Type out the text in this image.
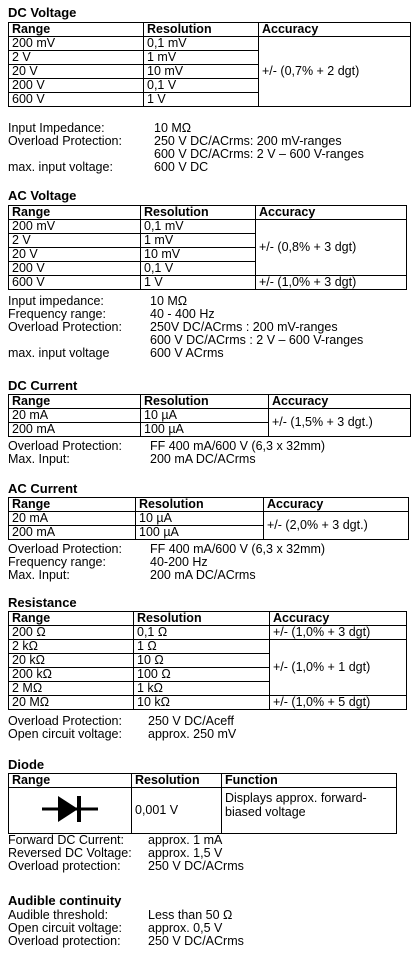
DC Voltage
Range	Resolution	Accuracy
200 mV	0,1 mV	+/- (0,7% + 2 dgt)
2 V	1 mV	
20 V	10 mV	
200 V	0,1 V	
600 V	1 V	
Input Impedance:	10 MΩ
Overload Protection:	250 V DC/ACrms: 200 mV-ranges
600 V DC/ACrms: 2 V – 600 V-ranges
max. input voltage:	600 V DC
AC Voltage
Range	Resolution	Accuracy
200 mV	0,1 mV	+/- (0,8% + 3 dgt)
2 V	1 mV	
20 V	10 mV	
200 V	0,1 V	
600 V	1 V	+/- (1,0% + 3 dgt)
Input impedance:	10 MΩ
Frequency range:	40 - 400 Hz
Overload Protection: 250V DC/ACrms : 200 mV-ranges
600 V DC/ACrms : 2 V – 600 V-ranges
max. input voltage	600 V ACrms
DC Current
Range	Resolution	Accuracy
20 mA	10 µA	+/- (1,5% + 3 dgt.)
200 mA	100 µA	
Overload Protection: FF 400 mA/600 V (6,3 x 32mm)
Max. Input:	200 mA DC/ACrms
AC Current
Range	Resolution	Accuracy
20 mA	10 µA	+/- (2,0% + 3 dgt.)
200 mA	100 µA	
Overload Protection: FF 400 mA/600 V (6,3 x 32mm)
Frequency range:	40-200 Hz
Max. Input:	200 mA DC/ACrms
Resistance
Range	Resolution	Accuracy
200 Ω	0,1 Ω	+/- (1,0% + 3 dgt)
2 kΩ	1 Ω	+/- (1,0% + 1 dgt)
20 kΩ	10 Ω	
200 kΩ	100 Ω	
2 MΩ	1 kΩ	
20 MΩ	10 kΩ	+/- (1,0% + 5 dgt)
Overload Protection: 250 V DC/Aceff
Open circuit voltage: approx. 250 mV
Diode
Range	Resolution	Function
	0,001 V	Displays approx. forward-biased voltage
Forward DC Current: approx. 1 mA
Reversed DC Voltage: approx. 1,5 V
Overload protection: 250 V DC/ACrms
Audible continuity
Audible threshold:	Less than 50 Ω
Open circuit voltage: approx. 0,5 V
Overload protection: 250 V DC/ACrms
